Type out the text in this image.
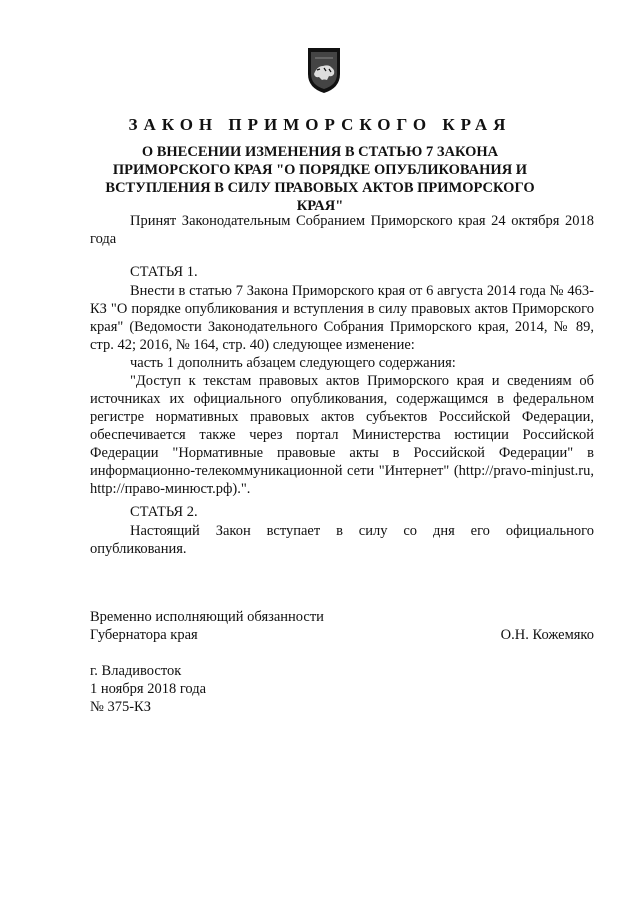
ЗАКОН ПРИМОРСКОГО КРАЯ
О ВНЕСЕНИИ ИЗМЕНЕНИЯ В СТАТЬЮ 7 ЗАКОНА ПРИМОРСКОГО КРАЯ "О ПОРЯДКЕ ОПУБЛИКОВАНИЯ И ВСТУПЛЕНИЯ В СИЛУ ПРАВОВЫХ АКТОВ ПРИМОРСКОГО КРАЯ"
Принят Законодательным Собранием Приморского края 24 октября 2018 года
СТАТЬЯ 1.

Внести в статью 7 Закона Приморского края от 6 августа 2014 года № 463-КЗ "О порядке опубликования и вступления в силу правовых актов Приморского края" (Ведомости Законодательного Собрания Приморского края, 2014, № 89, стр. 42; 2016, № 164, стр. 40) следующее изменение:

часть 1 дополнить абзацем следующего содержания:

"Доступ к текстам правовых актов Приморского края и сведениям об источниках их официального опубликования, содержащимся в федеральном регистре нормативных правовых актов субъектов Российской Федерации, обеспечивается также через портал Министерства юстиции Российской Федерации "Нормативные правовые акты в Российской Федерации" в информационно-телекоммуникационной сети "Интернет" (http://pravo-minjust.ru, http://право-минюст.рф).".

СТАТЬЯ 2.

Настоящий Закон вступает в силу со дня его официального опубликования.

Временно исполняющий обязанности
Губернатора края	О.Н. Кожемяко
г. Владивосток
1 ноября 2018 года
№ 375-КЗ
